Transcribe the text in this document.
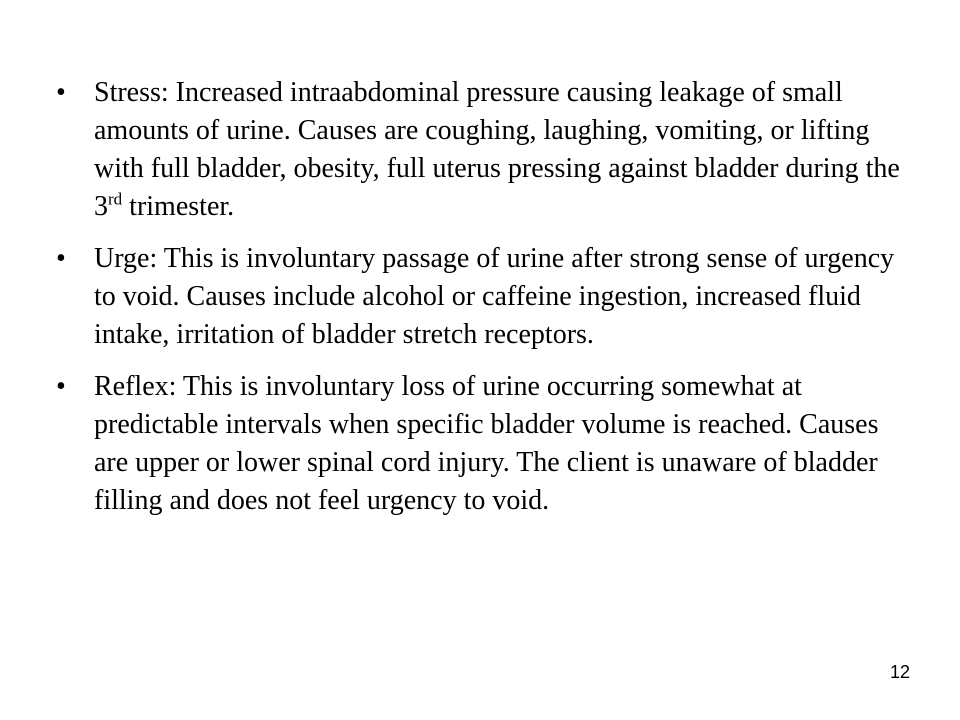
• Stress: Increased intraabdominal pressure causing leakage of small amounts of urine. Causes are coughing, laughing, vomiting, or lifting with full bladder, obesity, full uterus pressing against bladder during the 3rd trimester.
• Urge: This is involuntary passage of urine after strong sense of urgency to void. Causes include alcohol or caffeine ingestion, increased fluid intake, irritation of bladder stretch receptors.
• Reflex: This is involuntary loss of urine occurring somewhat at predictable intervals when specific bladder volume is reached. Causes are upper or lower spinal cord injury. The client is unaware of bladder filling and does not feel urgency to void.
12
